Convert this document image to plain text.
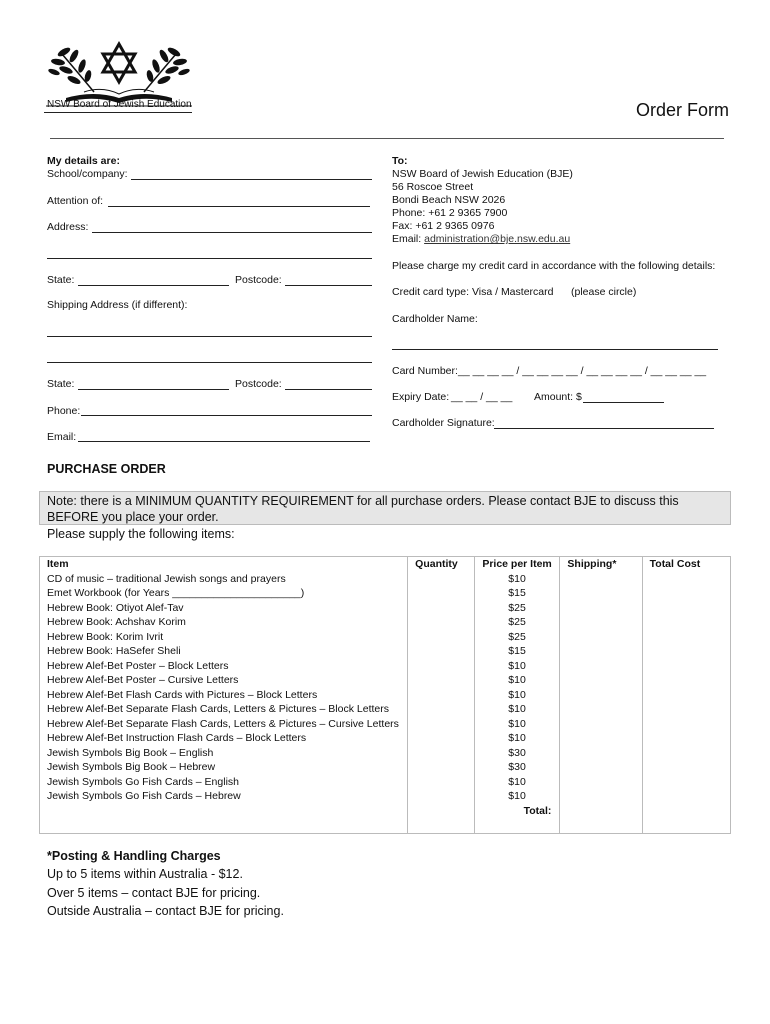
NSW Board of Jewish Education	Order Form
My details are:
School/company:
Attention of:
Address:
State:	Postcode:
Shipping Address (if different):
State:	Postcode:
Phone:
Email:
To:
NSW Board of Jewish Education (BJE)
56 Roscoe Street
Bondi Beach NSW 2026
Phone: +61 2 9365 7900
Fax: +61 2 9365 0976
Email: administration@bje.nsw.edu.au
Please charge my credit card in accordance with the following details:
Credit card type: Visa / Mastercard (please circle)
Cardholder Name:
Card Number: __ __ __ __ / __ __ __ __ / __ __ __ __ / __ __ __ __
Expiry Date: __ __ / __ __ Amount: $
Cardholder Signature:
PURCHASE ORDER
Note: there is a MINIMUM QUANTITY REQUIREMENT for all purchase orders. Please contact BJE to discuss this BEFORE you place your order.
Please supply the following items:
Item	Quantity	Price per Item	Shipping*	Total Cost
CD of music – traditional Jewish songs and prayers		$10		
Emet Workbook (for Years ______________________)		$15		
Hebrew Book: Otiyot Alef-Tav		$25		
Hebrew Book: Achshav Korim		$25		
Hebrew Book: Korim Ivrit		$25		
Hebrew Book: HaSefer Sheli		$15		
Hebrew Alef-Bet Poster – Block Letters		$10		
Hebrew Alef-Bet Poster – Cursive Letters		$10		
Hebrew Alef-Bet Flash Cards with Pictures – Block Letters		$10		
Hebrew Alef-Bet Separate Flash Cards, Letters & Pictures – Block Letters		$10		
Hebrew Alef-Bet Separate Flash Cards, Letters & Pictures – Cursive Letters		$10		
Hebrew Alef-Bet Instruction Flash Cards – Block Letters		$10		
Jewish Symbols Big Book – English		$30		
Jewish Symbols Big Book – Hebrew		$30		
Jewish Symbols Go Fish Cards – English		$10		
Jewish Symbols Go Fish Cards – Hebrew		$10		
		Total:		

*Posting & Handling Charges
Up to 5 items within Australia - $12.
Over 5 items – contact BJE for pricing.
Outside Australia – contact BJE for pricing.
